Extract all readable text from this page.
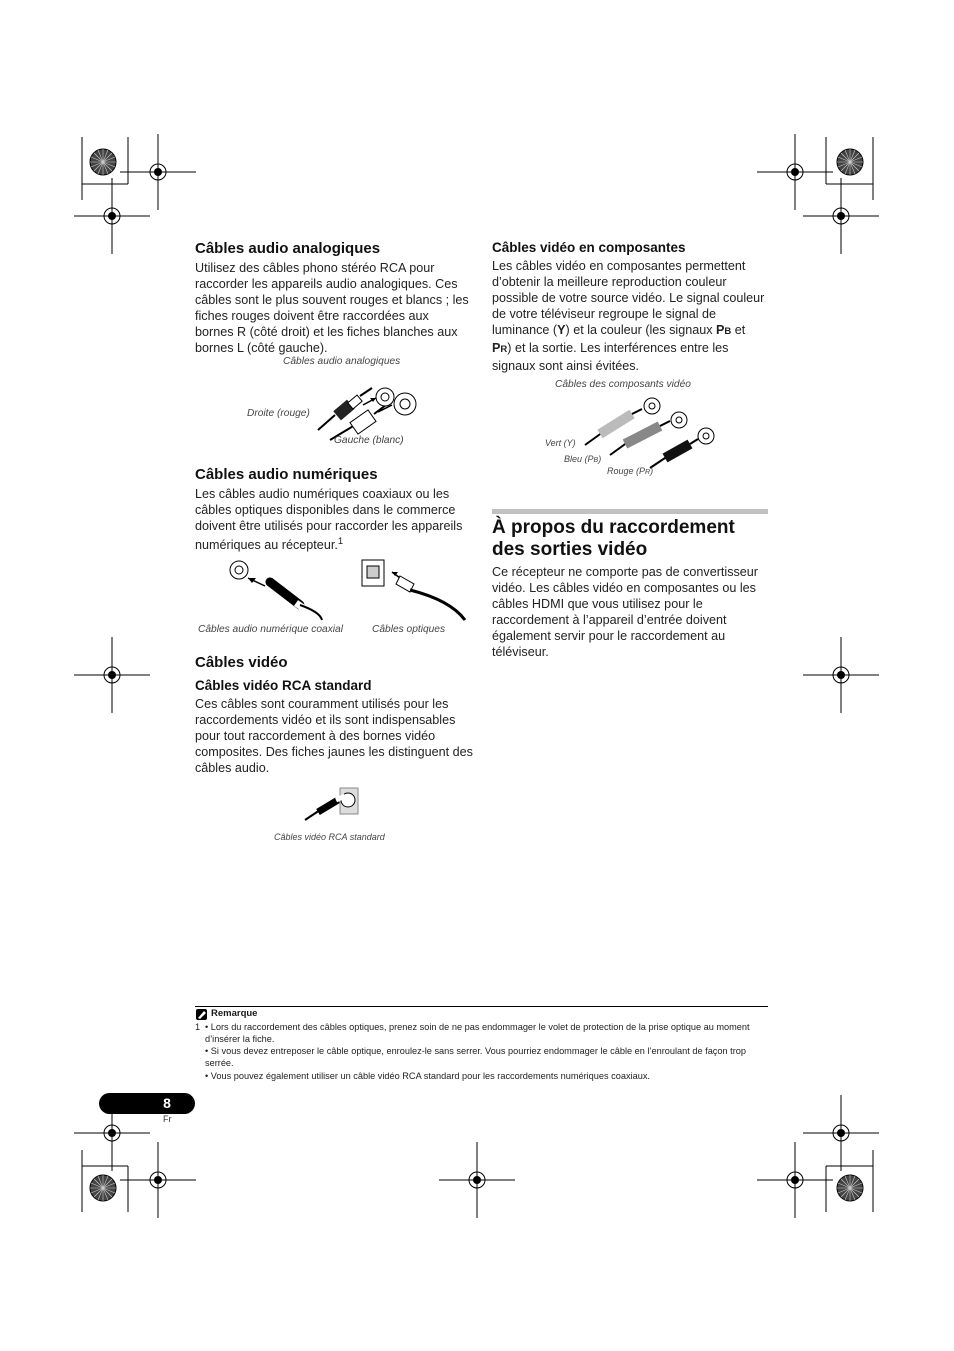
Câbles audio analogiques

Utilisez des câbles phono stéréo RCA pour raccorder les appareils audio analogiques. Ces câbles sont le plus souvent rouges et blancs ; les fiches rouges doivent être raccordées aux bornes R (côté droit) et les fiches blanches aux bornes L (côté gauche).

Câbles audio analogiques
Droite (rouge)
Gauche (blanc)
Câbles audio numériques

Les câbles audio numériques coaxiaux ou les câbles optiques disponibles dans le commerce doivent être utilisés pour raccorder les appareils numériques au récepteur.$^1$

Câbles audio numérique coaxial	Câbles optiques
Câbles vidéo
Câbles vidéo RCA standard

Ces câbles sont couramment utilisés pour les raccordements vidéo et ils sont indispensables pour tout raccordement à des bornes vidéo composites. Des fiches jaunes les distinguent des câbles audio.

Câbles vidéo RCA standard
Câbles vidéo en composantes

Les câbles vidéo en composantes permettent d’obtenir la meilleure reproduction couleur possible de votre source vidéo. Le signal couleur de votre téléviseur regroupe le signal de luminance (Y) et la couleur (les signaux PB et PR) et la sortie. Les interférences entre les signaux sont ainsi évitées.

Câbles des composants vidéo
Vert (Y)
Bleu (PB)
Rouge (PR)
À propos du raccordement des sorties vidéo

Ce récepteur ne comporte pas de convertisseur vidéo. Les câbles vidéo en composantes ou les câbles HDMI que vous utilisez pour le raccordement à l’appareil d’entrée doivent également servir pour le raccordement au téléviseur.

Remarque
1 • Lors du raccordement des câbles optiques, prenez soin de ne pas endommager le volet de protection de la prise optique au moment d’insérer la fiche.
• Si vous devez entreposer le câble optique, enroulez-le sans serrer. Vous pourriez endommager le câble en l’enroulant de façon trop serrée.
• Vous pouvez également utiliser un câble vidéo RCA standard pour les raccordements numériques coaxiaux.
8
Fr
